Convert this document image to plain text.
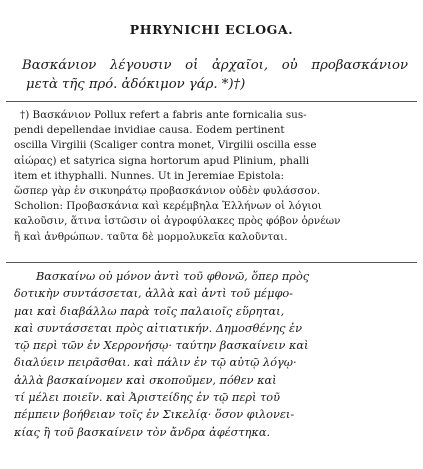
PHRYNICHI ECLOGA.
Βασκάνιον λέγουσιν οἱ ἀρχαῖοι, οὐ προβασκάνιον
μετὰ τῆς πρό. ἀδόκιμον γάρ. *)†)
†) Βασκάνιον Pollux refert a fabris ante fornicalia sus-
pendi depellendae invidiae causa. Eodem pertinent
oscilla Virgilii (Scaliger contra monet, Virgilii oscilla esse
αἰώρας) et satyrica signa hortorum apud Plinium, phalli
item et ithyphalli. Nunnes. Ut in Jeremiae Epistola:
ὥσπερ γὰρ ἐν σικυηράτῳ προβασκάνιον οὐδὲν φυλάσσον.
Scholion: Προβασκάνια καὶ κερέμβηλα Ἑλλήνων οἱ λόγιοι
καλοῦσιν, ἅτινα ἱστῶσιν οἱ ἀγροφύλακες πρὸς φόβον ὀρνέων
ἢ καὶ ἀνθρώπων. ταῦτα δὲ μορμολυκεῖα καλοῦνται.
Βασκαίνω οὐ μόνον ἀντὶ τοῦ φθονῶ, ὅπερ πρὸς
δοτικὴν συντάσσεται, ἀλλὰ καὶ ἀντὶ τοῦ μέμφο-
μαι καὶ διαβάλλω παρὰ τοῖς παλαιοῖς εὕρηται,
καὶ συντάσσεται πρὸς αἰτιατικήν. Δημοσθένης ἐν
τῷ περὶ τῶν ἐν Χερρονήσῳ· ταύτην βασκαίνειν καὶ
διαλύειν πειρᾶσθαι. καὶ πάλιν ἐν τῷ αὐτῷ λόγῳ·
ἀλλὰ βασκαίνομεν καὶ σκοποῦμεν, πόθεν καὶ
τί μέλει ποιεῖν. καὶ Ἀριστείδης ἐν τῷ περὶ τοῦ
πέμπειν βοήθειαν τοῖς ἐν Σικελίᾳ· ὅσον φιλονει-
κίας ἢ τοῦ βασκαίνειν τὸν ἄνδρα ἀφέστηκα.
